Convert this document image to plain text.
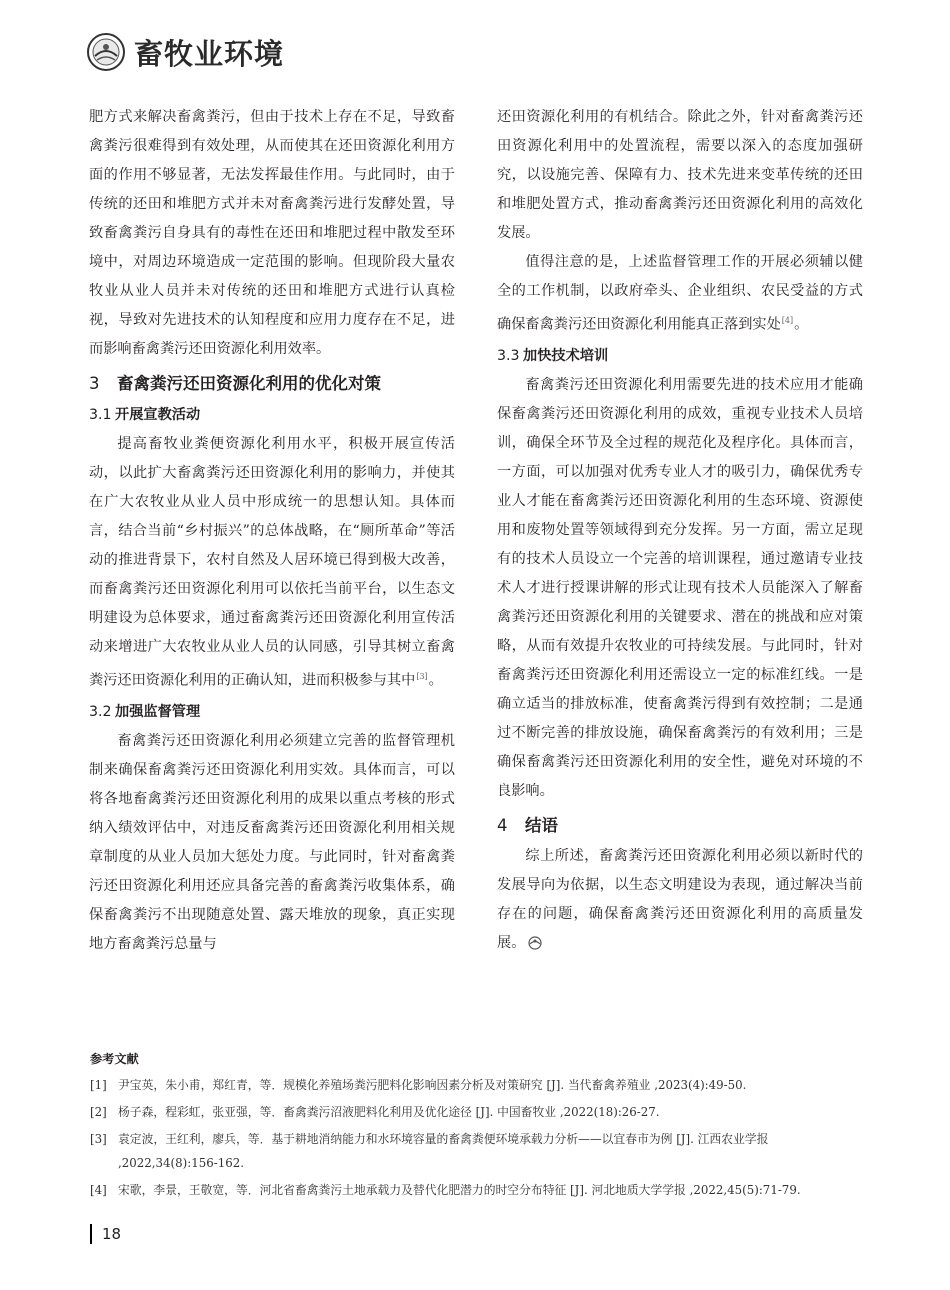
畜牧业环境

肥方式来解决畜禽粪污，但由于技术上存在不足，导致畜禽粪污很难得到有效处理，从而使其在还田资源化利用方面的作用不够显著，无法发挥最佳作用。与此同时，由于传统的还田和堆肥方式并未对畜禽粪污进行发酵处置，导致畜禽粪污自身具有的毒性在还田和堆肥过程中散发至环境中，对周边环境造成一定范围的影响。但现阶段大量农牧业从业人员并未对传统的还田和堆肥方式进行认真检视，导致对先进技术的认知程度和应用力度存在不足，进而影响畜禽粪污还田资源化利用效率。

3 畜禽粪污还田资源化利用的优化对策
3.1 开展宣教活动

提高畜牧业粪便资源化利用水平，积极开展宣传活动，以此扩大畜禽粪污还田资源化利用的影响力，并使其在广大农牧业从业人员中形成统一的思想认知。具体而言，结合当前“乡村振兴”的总体战略，在“厕所革命”等活动的推进背景下，农村自然及人居环境已得到极大改善，而畜禽粪污还田资源化利用可以依托当前平台，以生态文明建设为总体要求，通过畜禽粪污还田资源化利用宣传活动来增进广大农牧业从业人员的认同感，引导其树立畜禽粪污还田资源化利用的正确认知，进而积极参与其中[3]。

3.2 加强监督管理

畜禽粪污还田资源化利用必须建立完善的监督管理机制来确保畜禽粪污还田资源化利用实效。具体而言，可以将各地畜禽粪污还田资源化利用的成果以重点考核的形式纳入绩效评估中，对违反畜禽粪污还田资源化利用相关规章制度的从业人员加大惩处力度。与此同时，针对畜禽粪污还田资源化利用还应具备完善的畜禽粪污收集体系，确保畜禽粪污不出现随意处置、露天堆放的现象，真正实现地方畜禽粪污总量与

还田资源化利用的有机结合。除此之外，针对畜禽粪污还田资源化利用中的处置流程，需要以深入的态度加强研究，以设施完善、保障有力、技术先进来变革传统的还田和堆肥处置方式，推动畜禽粪污还田资源化利用的高效化发展。

值得注意的是，上述监督管理工作的开展必须辅以健全的工作机制，以政府牵头、企业组织、农民受益的方式确保畜禽粪污还田资源化利用能真正落到实处[4]。

3.3 加快技术培训

畜禽粪污还田资源化利用需要先进的技术应用才能确保畜禽粪污还田资源化利用的成效，重视专业技术人员培训，确保全环节及全过程的规范化及程序化。具体而言，一方面，可以加强对优秀专业人才的吸引力，确保优秀专业人才能在畜禽粪污还田资源化利用的生态环境、资源使用和废物处置等领域得到充分发挥。另一方面，需立足现有的技术人员设立一个完善的培训课程，通过邀请专业技术人才进行授课讲解的形式让现有技术人员能深入了解畜禽粪污还田资源化利用的关键要求、潜在的挑战和应对策略，从而有效提升农牧业的可持续发展。与此同时，针对畜禽粪污还田资源化利用还需设立一定的标准红线。一是确立适当的排放标准，使畜禽粪污得到有效控制；二是通过不断完善的排放设施，确保畜禽粪污的有效利用；三是确保畜禽粪污还田资源化利用的安全性，避免对环境的不良影响。

4 结语

综上所述，畜禽粪污还田资源化利用必须以新时代的发展导向为依据，以生态文明建设为表现，通过解决当前存在的问题，确保畜禽粪污还田资源化利用的高质量发展。

参考文献
[1] 尹宝英，朱小甫，郑红青，等．规模化养殖场粪污肥料化影响因素分析及对策研究 [J]. 当代畜禽养殖业 ,2023(4):49-50.
[2] 杨子森，程彩虹，张亚强，等．畜禽粪污沼液肥料化利用及优化途径 [J]. 中国畜牧业 ,2022(18):26-27.
[3] 袁定波，王红利，廖兵，等．基于耕地消纳能力和水环境容量的畜禽粪便环境承载力分析——以宜春市为例 [J]. 江西农业学报 ,2022,34(8):156-162.
[4] 宋歌，李景，王敬宽，等．河北省畜禽粪污土地承载力及替代化肥潜力的时空分布特征 [J]. 河北地质大学学报 ,2022,45(5):71-79.
18
